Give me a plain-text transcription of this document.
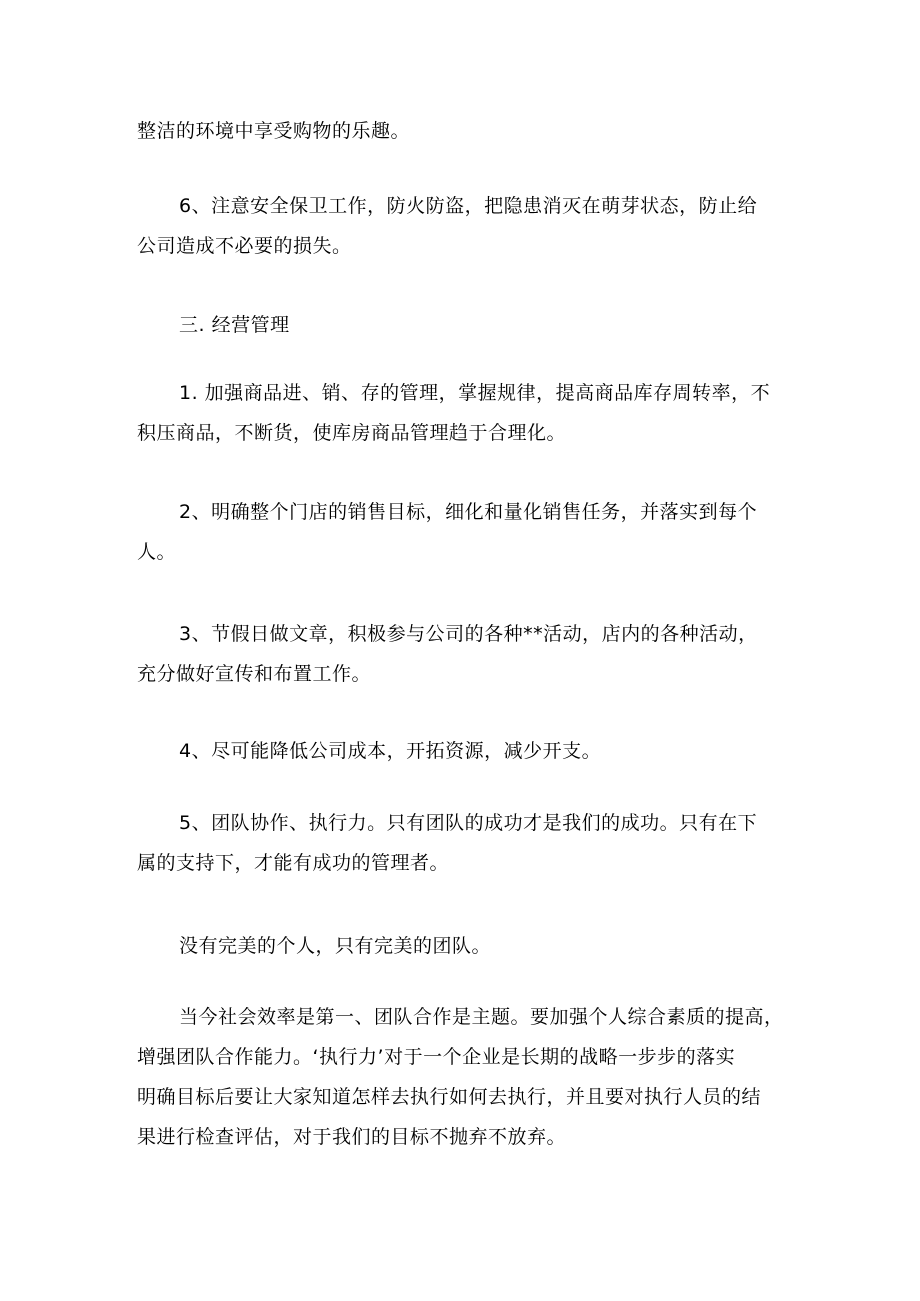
整洁的环境中享受购物的乐趣。
6、注意安全保卫工作，防火防盗，把隐患消灭在萌芽状态，防止给
公司造成不必要的损失。
三. 经营管理
1. 加强商品进、销、存的管理，掌握规律，提高商品库存周转率，不
积压商品，不断货，使库房商品管理趋于合理化。
2、明确整个门店的销售目标，细化和量化销售任务，并落实到每个
人。
3、节假日做文章，积极参与公司的各种**活动，店内的各种活动，
充分做好宣传和布置工作。
4、尽可能降低公司成本，开拓资源，减少开支。
5、团队协作、执行力。只有团队的成功才是我们的成功。只有在下
属的支持下，才能有成功的管理者。
没有完美的个人，只有完美的团队。
当今社会效率是第一、团队合作是主题。要加强个人综合素质的提高，
增强团队合作能力。‘执行力’对于一个企业是长期的战略一步步的落实
明确目标后要让大家知道怎样去执行如何去执行，并且要对执行人员的结
果进行检查评估，对于我们的目标不抛弃不放弃。
